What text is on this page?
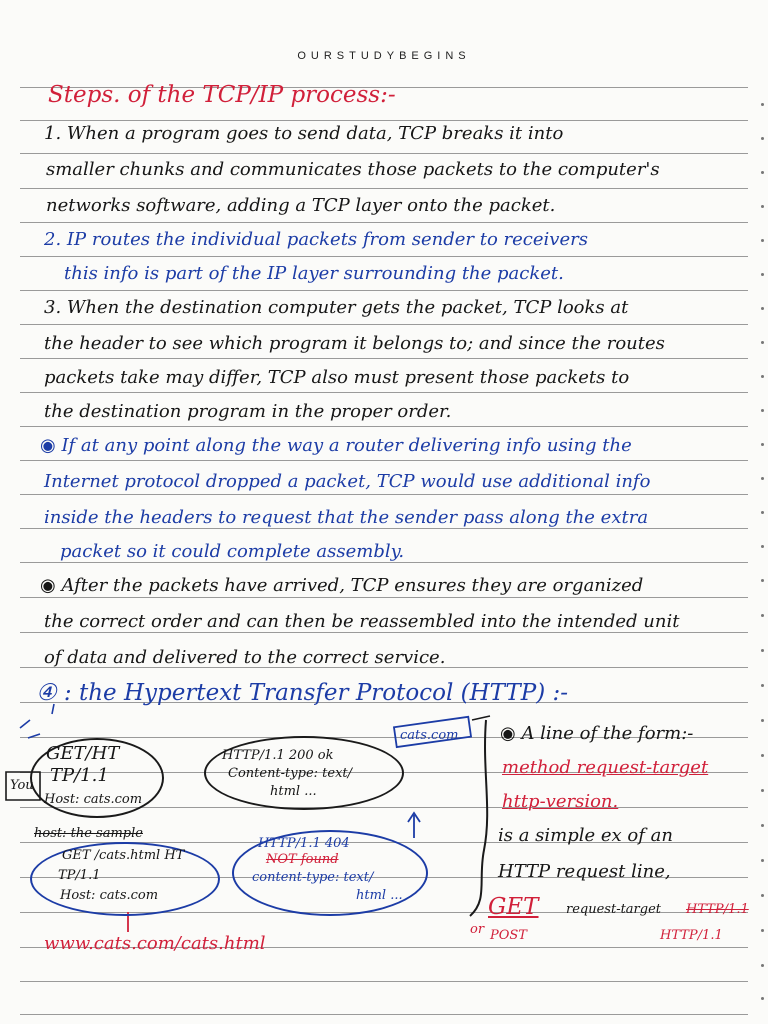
OURSTUDYBEGINS
Steps. of the TCP/IP process:-
1. When a program goes to send data, TCP breaks it into
smaller chunks and communicates those packets to the computer's
networks software, adding a TCP layer onto the packet.
2. IP routes the individual packets from sender to receivers
this info is part of the IP layer surrounding the packet.
3. When the destination computer gets the packet, TCP looks at
the header to see which program it belongs to; and since the routes
packets take may differ, TCP also must present those packets to
the destination program in the proper order.
◉ If at any point along the way a router delivering info using the
Internet protocol dropped a packet, TCP would use additional info
inside the headers to request that the sender pass along the extra
packet so it could complete assembly.
◉ After the packets have arrived, TCP ensures they are organized
the correct order and can then be reassembled into the intended unit
of data and delivered to the correct service.
④ : the Hypertext Transfer Protocol (HTTP) :-
GET/HT
TP/1.1
Host: cats.com
You
HTTP/1.1 200 ok
Content-type: text/
html ...
cats.com
host: the sample
GET /cats.html HT
TP/1.1
Host: cats.com
HTTP/1.1 404
NOT found
content-type: text/
html ...
www.cats.com/cats.html
◉ A line of the form:-
method request-target
http-version.
is a simple ex of an
HTTP request line,
GET request-target HTTP/1.1
POST
or	HTTP/1.1
